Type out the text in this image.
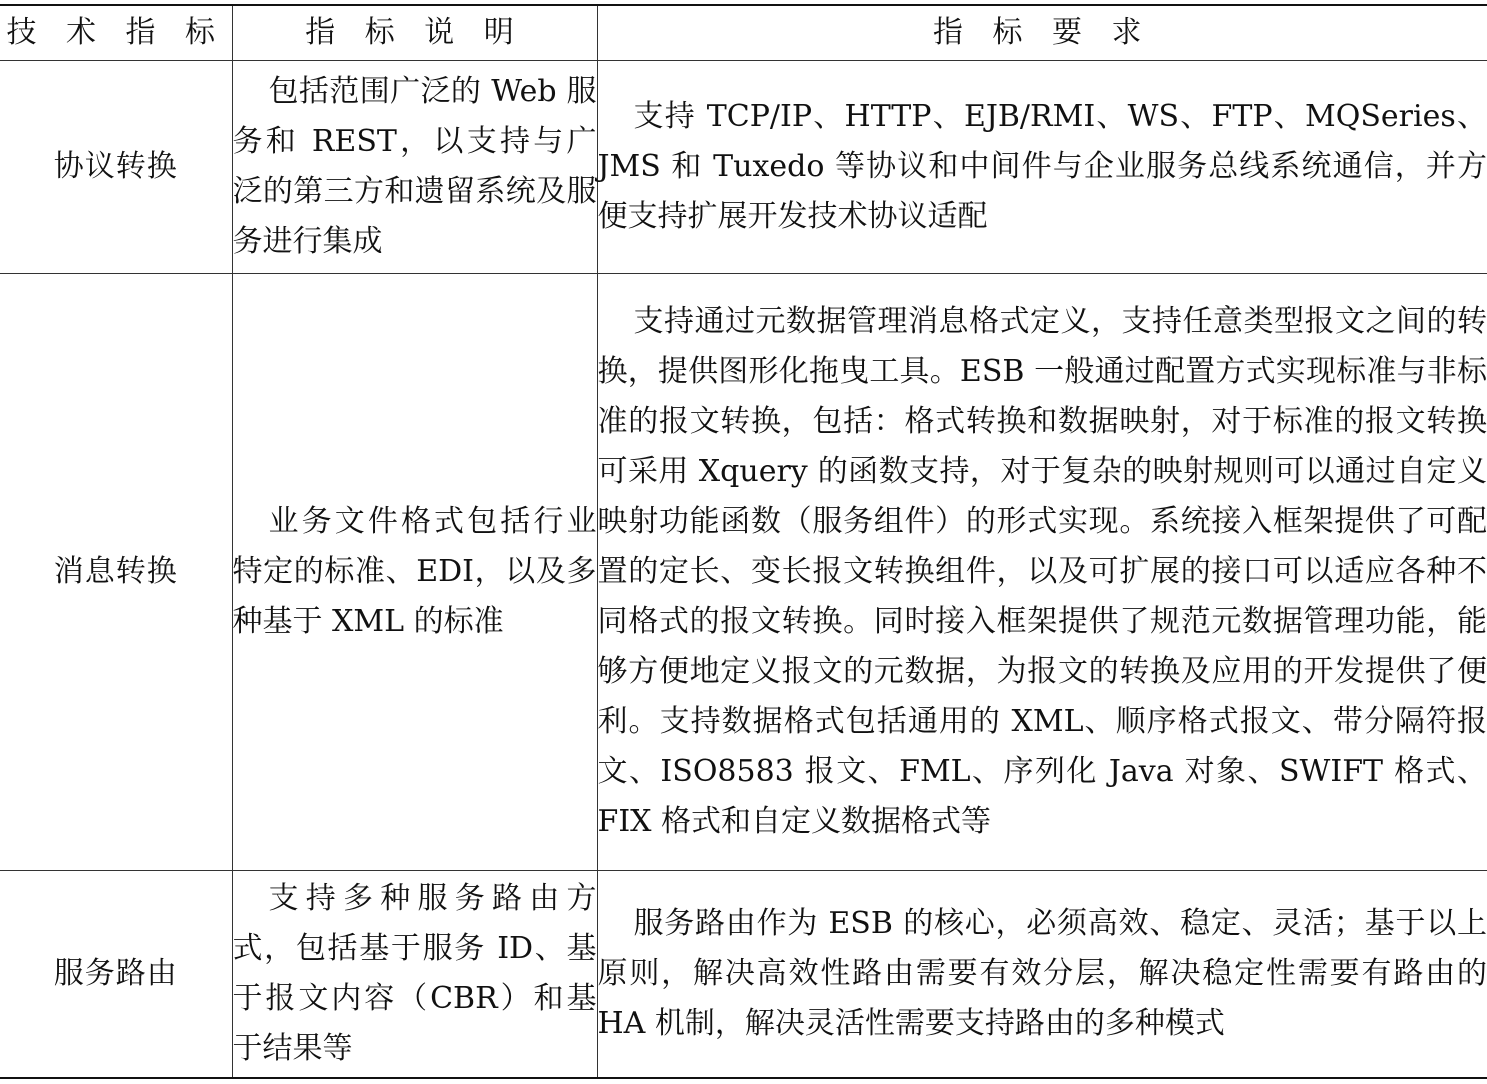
技 术 指 标	指 标 说 明	指 标 要 求
协议转换	包括范围广泛的 Web 服务和 REST，以支持与广泛的第三方和遗留系统及服务进行集成	支持 TCP/IP、HTTP、EJB/RMI、WS、FTP、MQSeries、JMS 和 Tuxedo 等协议和中间件与企业服务总线系统通信，并方便支持扩展开发技术协议适配

消息转换	业务文件格式包括行业特定的标准、EDI，以及多种基于 XML 的标准	支持通过元数据管理消息格式定义，支持任意类型报文之间的转换，提供图形化拖曳工具。ESB 一般通过配置方式实现标准与非标准的报文转换，包括：格式转换和数据映射，对于标准的报文转换可采用 Xquery 的函数支持，对于复杂的映射规则可以通过自定义映射功能函数（服务组件）的形式实现。系统接入框架提供了可配置的定长、变长报文转换组件，以及可扩展的接口可以适应各种不同格式的报文转换。同时接入框架提供了规范元数据管理功能，能够方便地定义报文的元数据，为报文的转换及应用的开发提供了便利。支持数据格式包括通用的 XML、顺序格式报文、带分隔符报文、ISO8583 报文、FML、序列化 Java 对象、SWIFT 格式、FIX 格式和自定义数据格式等

服务路由	支持多种服务路由方式，包括基于服务 ID、基于报文内容（CBR）和基于结果等	服务路由作为 ESB 的核心，必须高效、稳定、灵活；基于以上原则，解决高效性路由需要有效分层，解决稳定性需要有路由的 HA 机制，解决灵活性需要支持路由的多种模式
